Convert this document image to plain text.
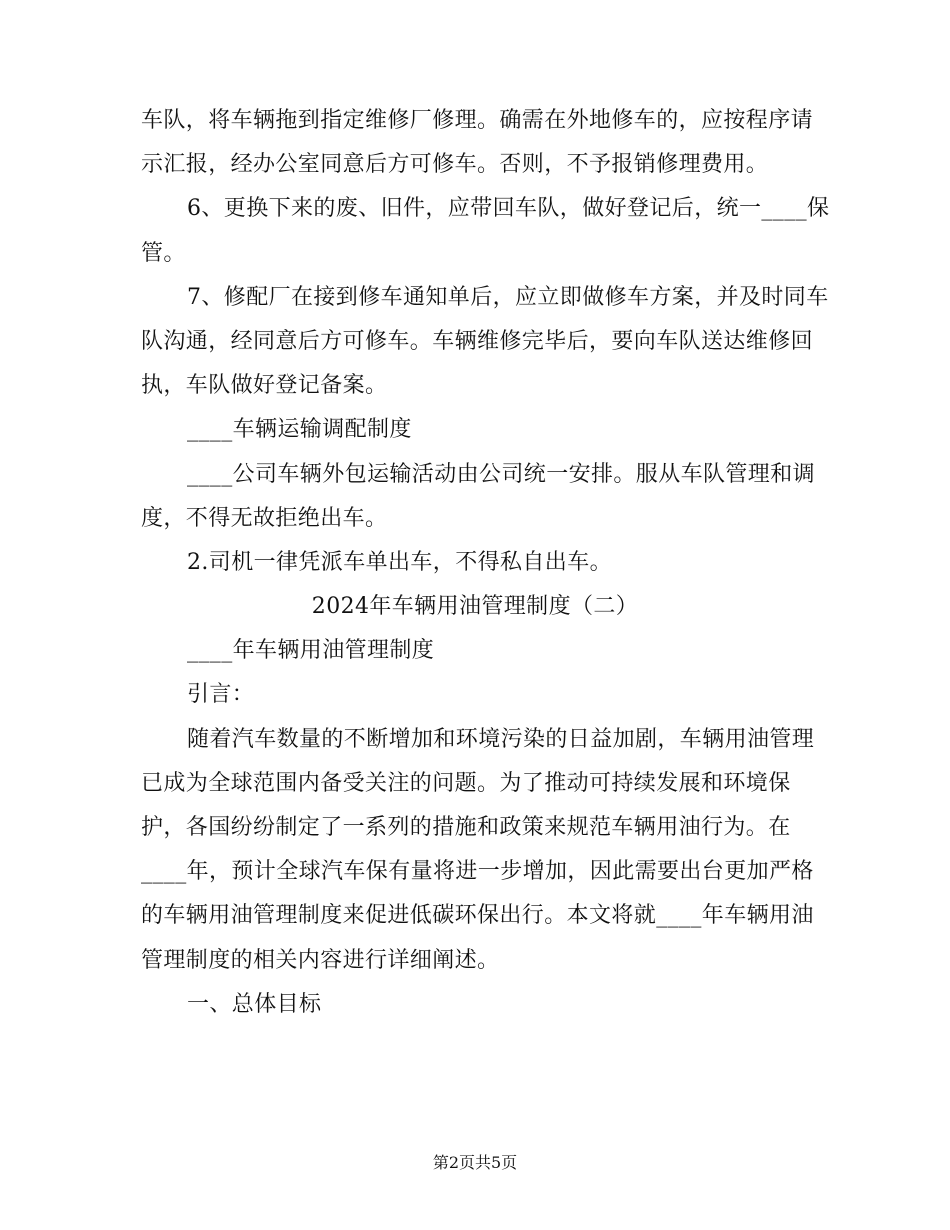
车队，将车辆拖到指定维修厂修理。确需在外地修车的，应按程序请
示汇报，经办公室同意后方可修车。否则，不予报销修理费用。
6、更换下来的废、旧件，应带回车队，做好登记后，统一____保
管。
7、修配厂在接到修车通知单后，应立即做修车方案，并及时同车
队沟通，经同意后方可修车。车辆维修完毕后，要向车队送达维修回
执，车队做好登记备案。
____车辆运输调配制度
____公司车辆外包运输活动由公司统一安排。服从车队管理和调
度，不得无故拒绝出车。
2.司机一律凭派车单出车，不得私自出车。
2024年车辆用油管理制度（二）
____年车辆用油管理制度
引言：
随着汽车数量的不断增加和环境污染的日益加剧，车辆用油管理
已成为全球范围内备受关注的问题。为了推动可持续发展和环境保
护，各国纷纷制定了一系列的措施和政策来规范车辆用油行为。在
____年，预计全球汽车保有量将进一步增加，因此需要出台更加严格
的车辆用油管理制度来促进低碳环保出行。本文将就____年车辆用油
管理制度的相关内容进行详细阐述。
一、总体目标
第2页共5页
